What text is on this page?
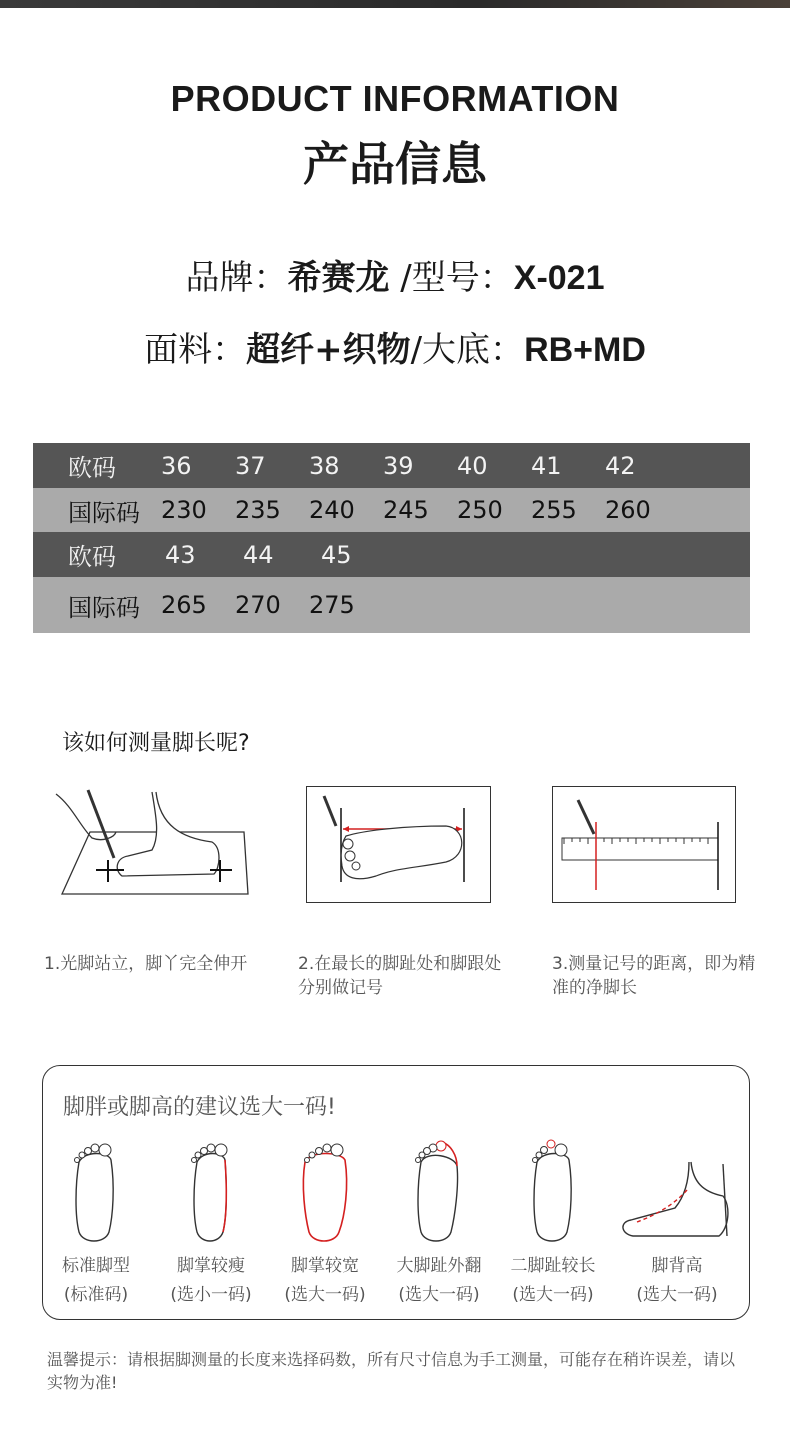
PRODUCT INFORMATION
产品信息
品牌：希赛龙 /型号：X-021
面料：超纤+织物/大底：RB+MD
欧码	36	37	38	39	40	41	42
国际码 230	235	240	245	250	255	260
欧码	43	44	45
国际码 265	270	275
该如何测量脚长呢?
1.光脚站立，脚丫完全伸开	2.在最长的脚趾处和脚跟处分别做记号
3.测量记号的距离，即为精准的净脚长
脚胖或脚高的建议选大一码!
标准脚型
(标准码)
脚掌较瘦
(选小一码)
脚掌较宽
(选大一码)
大脚趾外翻
(选大一码)
二脚趾较长
(选大一码)
脚背高
(选大一码)
温馨提示：请根据脚测量的长度来选择码数，所有尺寸信息为手工测量，可能存在稍许误差，请以实物为准!
